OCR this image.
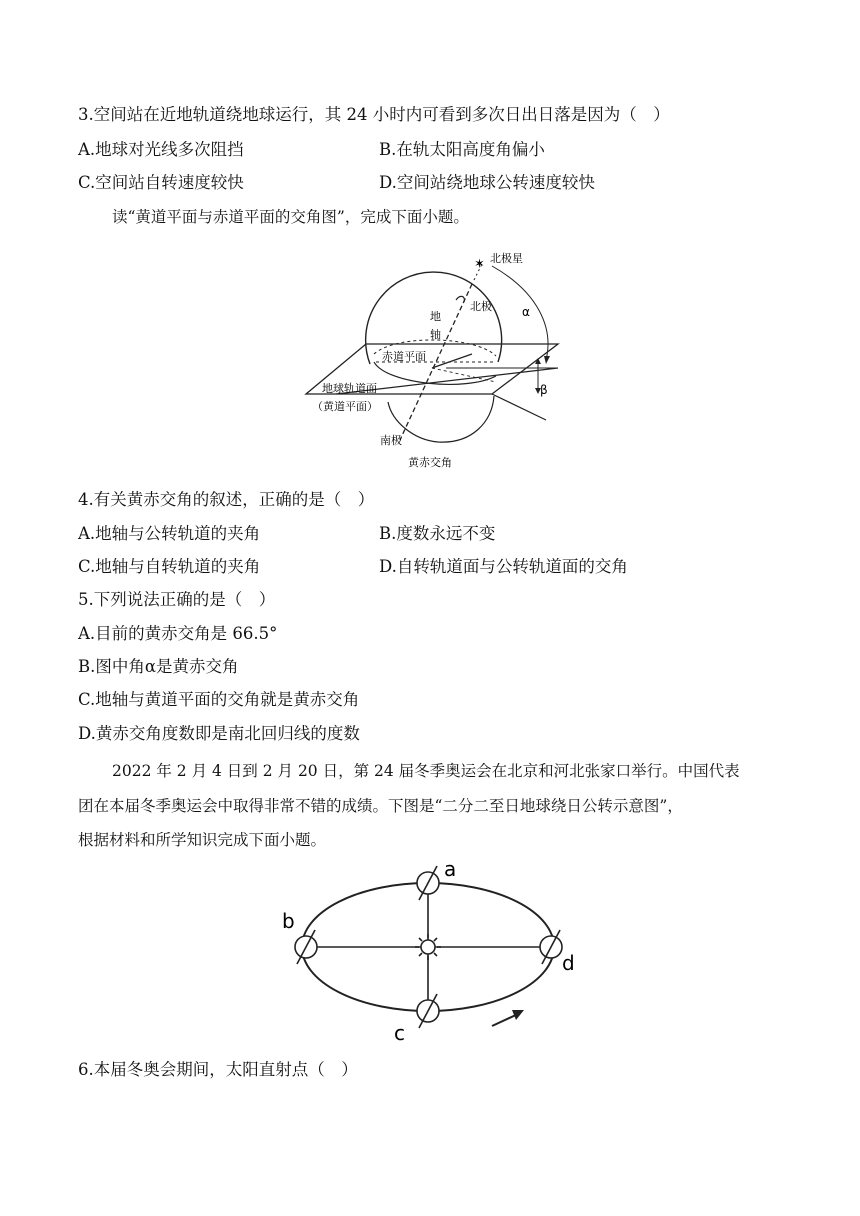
3.空间站在近地轨道绕地球运行，其 24 小时内可看到多次日出日落是因为（　）
A.地球对光线多次阻挡	B.在轨太阳高度角偏小
C.空间站自转速度较快	D.空间站绕地球公转速度较快
读“黄道平面与赤道平面的交角图”，完成下面小题。
✶ 北极星
北极
地
轴
α
β
赤道平面
地球轨道面
（黄道平面）
南极
黄赤交角
4.有关黄赤交角的叙述，正确的是（　）
A.地轴与公转轨道的夹角	B.度数永远不变
C.地轴与自转轨道的夹角	D.自转轨道面与公转轨道面的交角
5.下列说法正确的是（　）
A.目前的黄赤交角是 66.5°
B.图中角α是黄赤交角
C.地轴与黄道平面的交角就是黄赤交角
D.黄赤交角度数即是南北回归线的度数
2022 年 2 月 4 日到 2 月 20 日，第 24 届冬季奥运会在北京和河北张家口举行。中国代表
团在本届冬季奥运会中取得非常不错的成绩。下图是“二分二至日地球绕日公转示意图”，
根据材料和所学知识完成下面小题。
a
b
c
d
6.本届冬奥会期间，太阳直射点（　）
